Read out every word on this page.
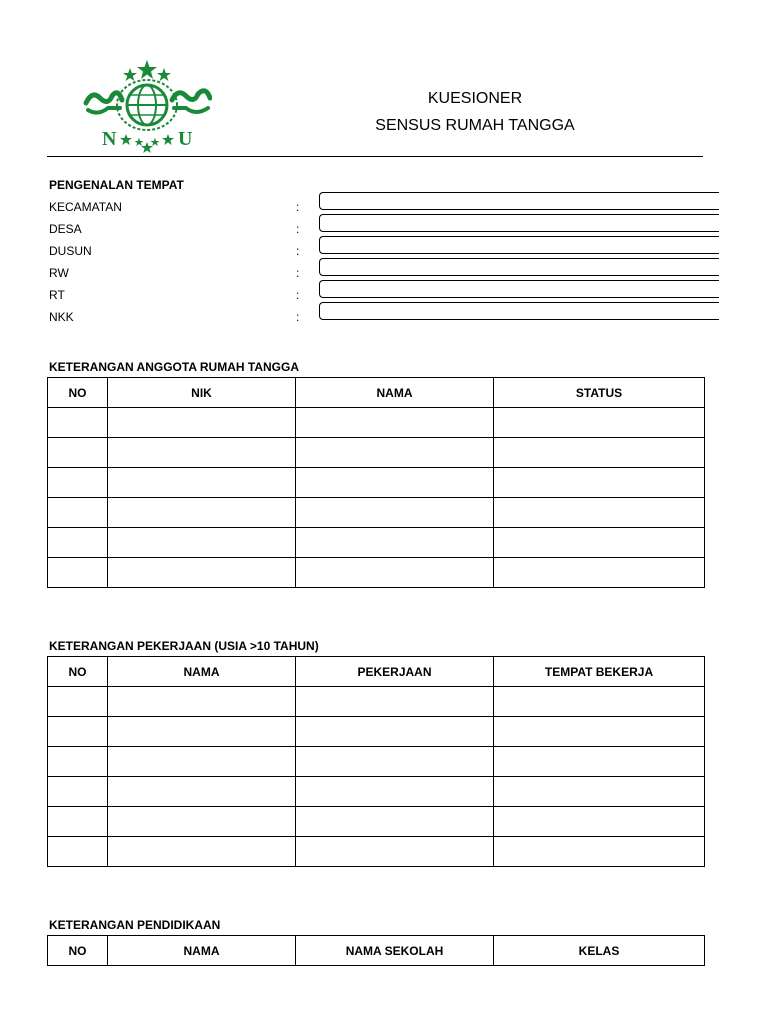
N	U
KUESIONER
SENSUS RUMAH TANGGA
PENGENALAN TEMPAT
KECAMATAN	:
DESA	:
DUSUN	:
RW	:
RT	:
NKK	:
KETERANGAN ANGGOTA RUMAH TANGGA
NO	NIK	NAMA	STATUS

KETERANGAN PEKERJAAN (USIA >10 TAHUN)
NO	NAMA	PEKERJAAN	TEMPAT BEKERJA

KETERANGAN PENDIDIKAAN
NO	NAMA	NAMA SEKOLAH	KELAS
